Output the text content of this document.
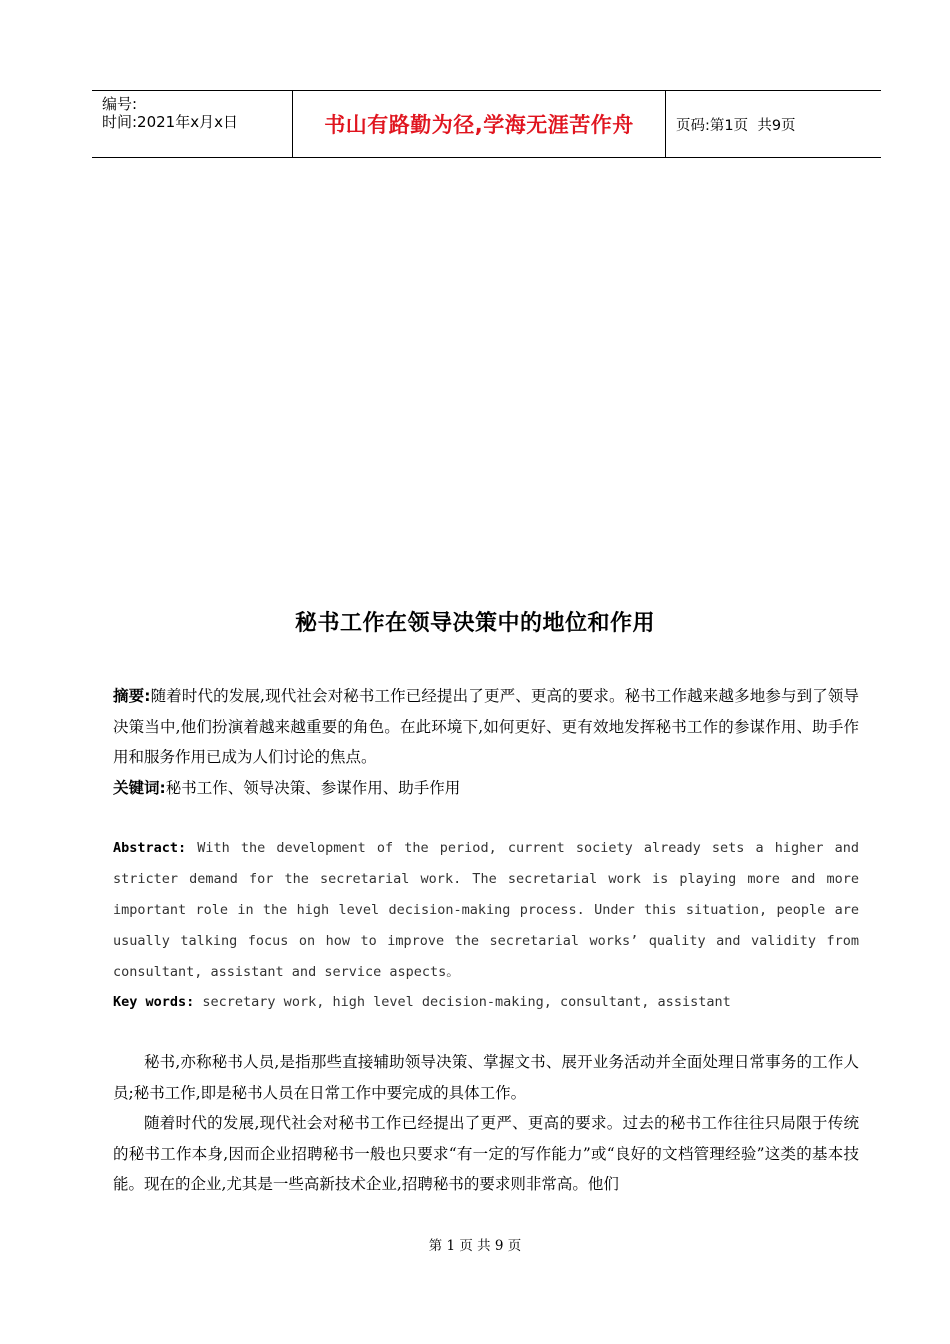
编号:
时间:2021年x月x日	书山有路勤为径,学海无涯苦作舟	页码:第1页  共9页
秘书工作在领导决策中的地位和作用
摘要:随着时代的发展,现代社会对秘书工作已经提出了更严、更高的要求。秘书工作越来越多地参与到了领导决策当中,他们扮演着越来越重要的角色。在此环境下,如何更好、更有效地发挥秘书工作的参谋作用、助手作用和服务作用已成为人们讨论的焦点。
关键词:秘书工作、领导决策、参谋作用、助手作用
Abstract: With the development of the period, current society already sets a higher and stricter demand for the secretarial work. The secretarial work is playing more and more important role in the high level decision-making process. Under this situation, people are usually talking focus on how to improve the secretarial works’ quality and validity from consultant, assistant and service aspects。
Key words: secretary work, high level decision-making, consultant, assistant

秘书,亦称秘书人员,是指那些直接辅助领导决策、掌握文书、展开业务活动并全面处理日常事务的工作人员;秘书工作,即是秘书人员在日常工作中要完成的具体工作。

随着时代的发展,现代社会对秘书工作已经提出了更严、更高的要求。过去的秘书工作往往只局限于传统的秘书工作本身,因而企业招聘秘书一般也只要求“有一定的写作能力”或“良好的文档管理经验”这类的基本技能。现在的企业,尤其是一些高新技术企业,招聘秘书的要求则非常高。他们

第 1 页 共 9 页
